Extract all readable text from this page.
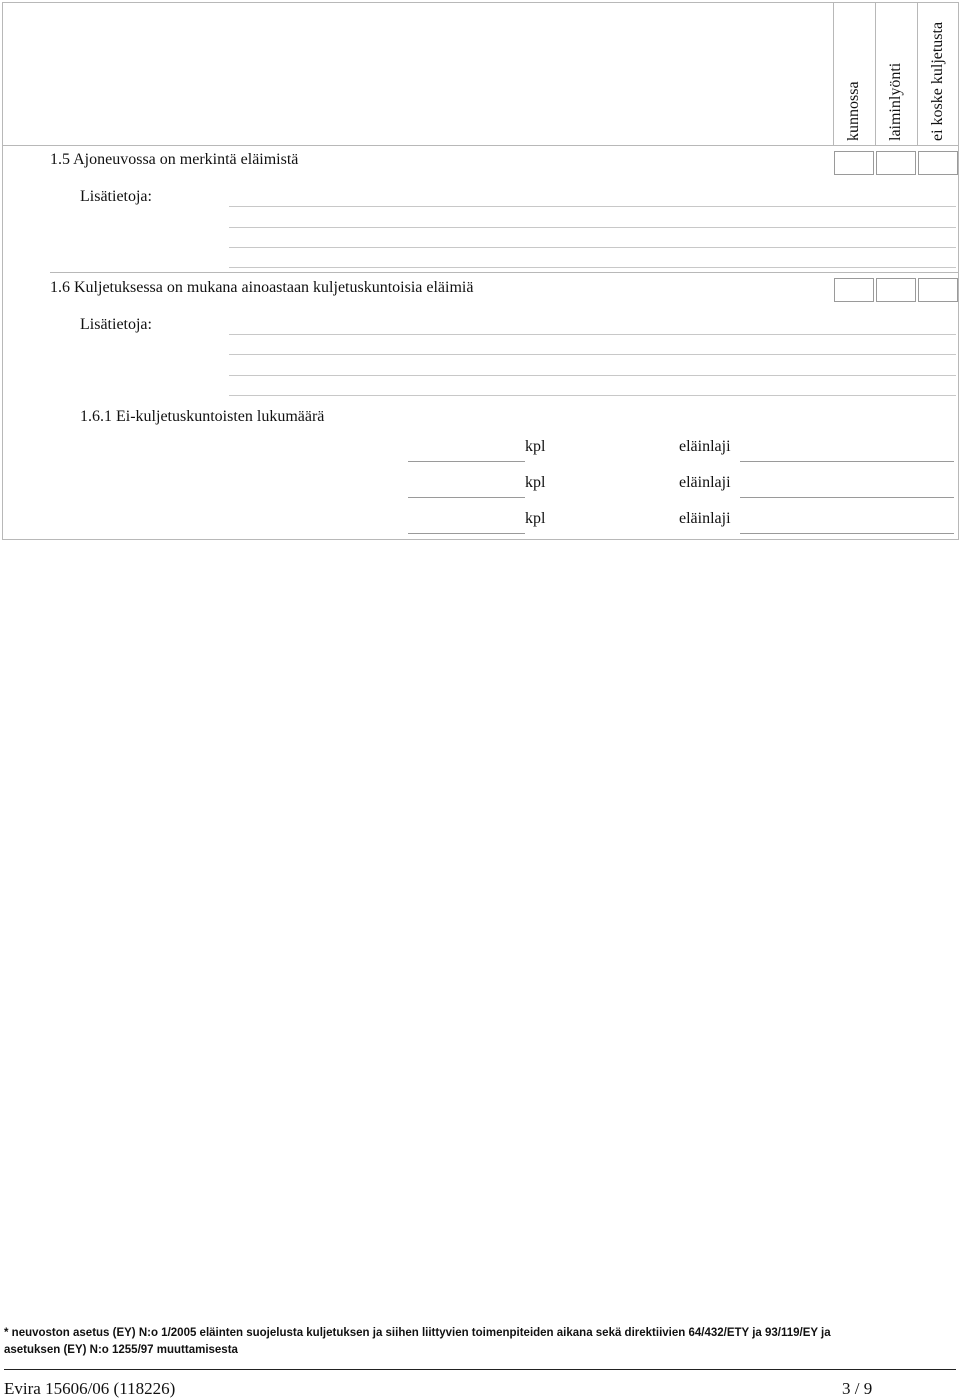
kunnossa laiminlyönti ei koske kuljetusta
1.5 Ajoneuvossa on merkintä eläimistä
Lisätietoja:
1.6 Kuljetuksessa on mukana ainoastaan kuljetuskuntoisia eläimiä
Lisätietoja:
1.6.1 Ei-kuljetuskuntoisten lukumäärä
kpl	eläinlaji
kpl	eläinlaji
kpl	eläinlaji
* neuvoston asetus (EY) N:o 1/2005 eläinten suojelusta kuljetuksen ja siihen liittyvien toimenpiteiden aikana sekä direktiivien 64/432/ETY ja 93/119/EY ja
asetuksen (EY) N:o 1255/97 muuttamisesta
Evira 15606/06 (118226)	3 / 9
